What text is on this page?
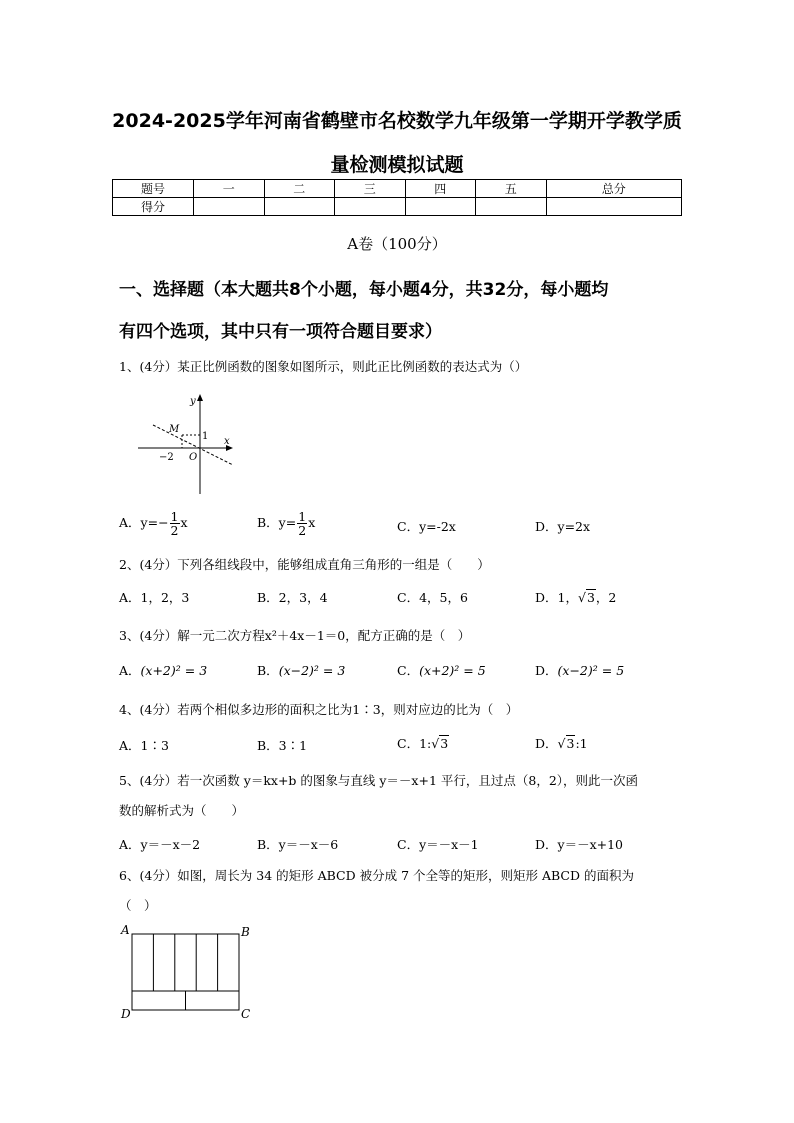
2024-2025学年河南省鹤壁市名校数学九年级第一学期开学教学质
量检测模拟试题
题号	一	二	三	四	五	总分
得分						
A卷（100分）
一、选择题（本大题共8个小题，每小题4分，共32分，每小题均
有四个选项，其中只有一项符合题目要求）
1、(4分）某正比例函数的图象如图所示，则此正比例函数的表达式为（）
y
x
M
1
−2 O
A．$y=- \frac{1}{2}$ x	B．$y= \frac{1}{2}$ x	C．y=-2x	D．y=2x
2、(4分）下列各组线段中，能够组成直角三角形的一组是（　　）
A．1，2，3	B．2，3，4	C．4，5，6	D．1，√3，2
3、(4分）解一元二次方程x²＋4x－1＝0，配方正确的是（　）
A．(x+2)² = 3	B．(x−2)² = 3	C．(x+2)² = 5	D．(x−2)² = 5
4、(4分）若两个相似多边形的面积之比为1∶3，则对应边的比为（　）
A．1∶3	B．3∶1	C．1:√3	D．√3:1
5、(4分）若一次函数 y＝kx+b 的图象与直线 y＝－x+1 平行，且过点（8，2），则此一次函
数的解析式为（　　）
A．y＝－x－2	B．y＝－x－6	C．y＝－x－1	D．y＝－x+10
6、(4分）如图，周长为 34 的矩形 ABCD 被分成 7 个全等的矩形，则矩形 ABCD 的面积为
（　）
A	B
D	C
